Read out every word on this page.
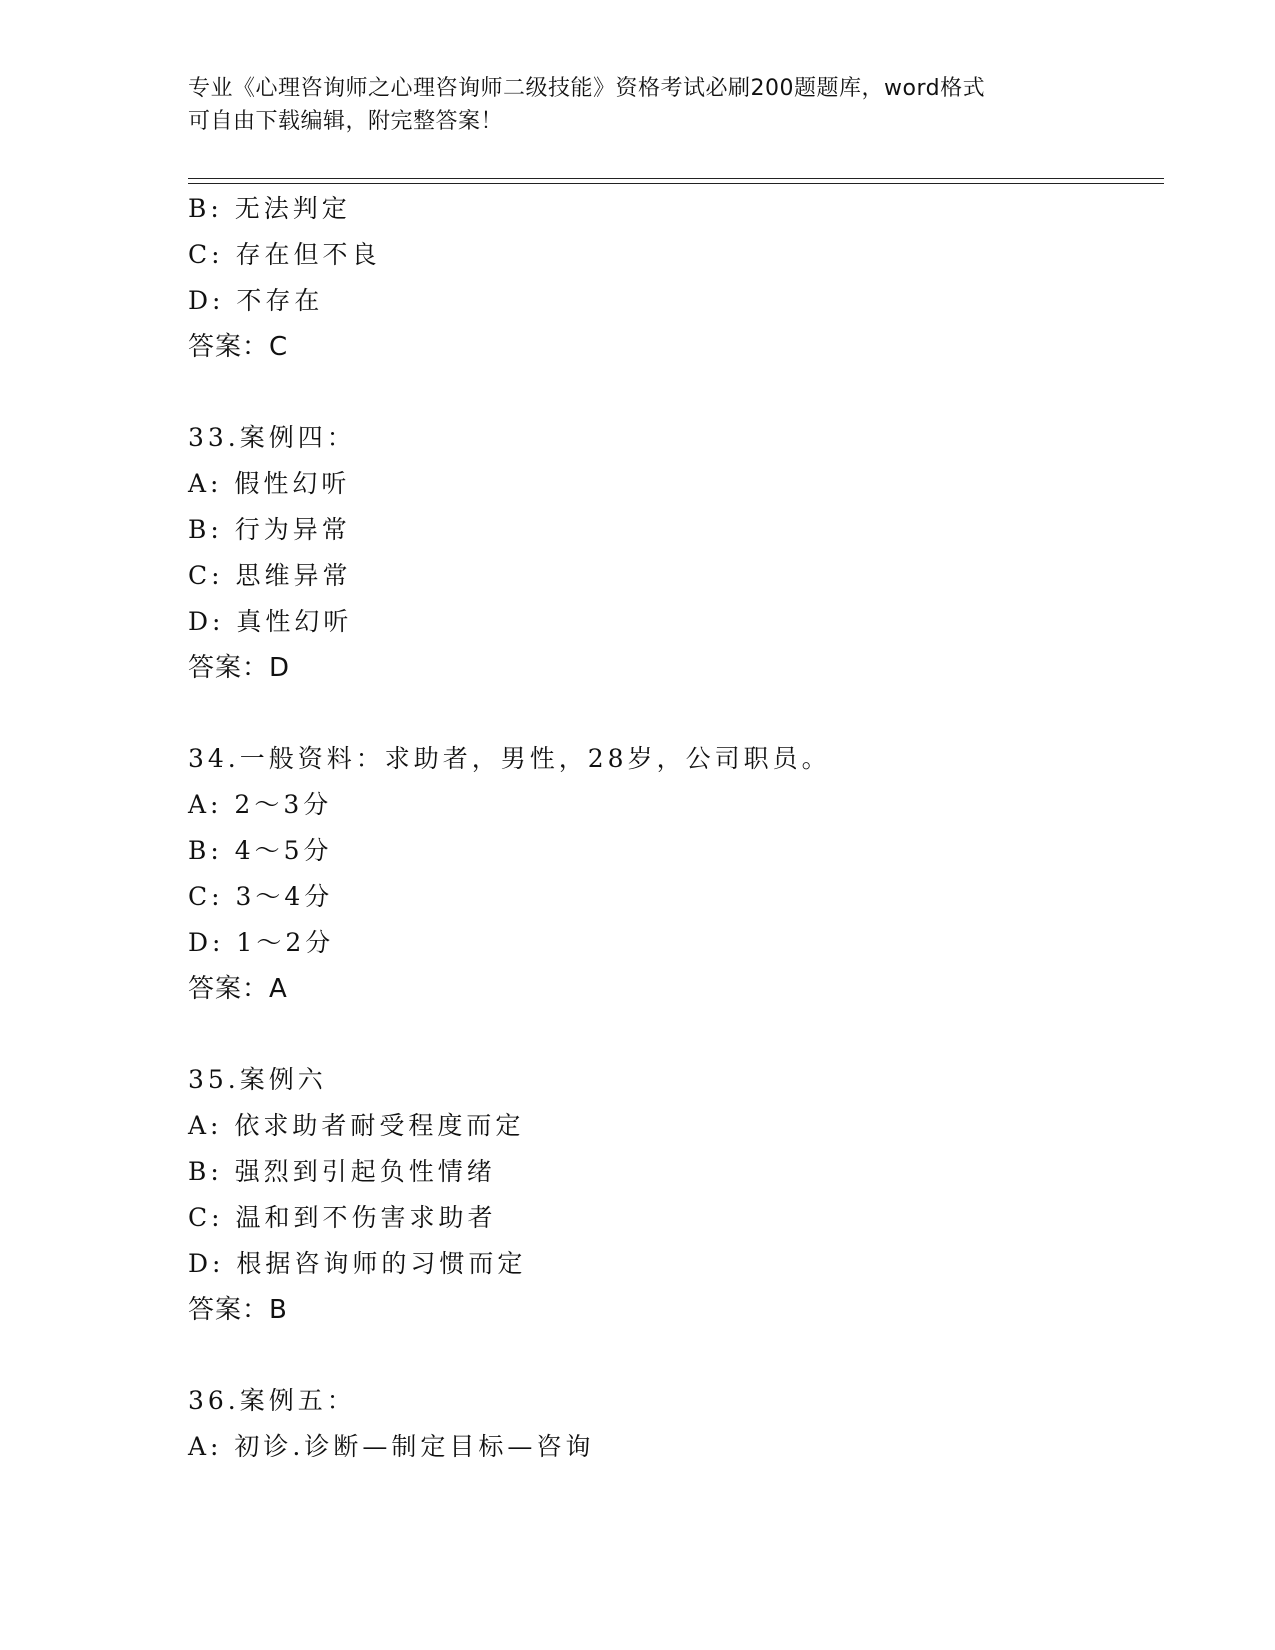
专业《心理咨询师之心理咨询师二级技能》资格考试必刷200题题库，word格式
可自由下载编辑，附完整答案！
B: 无法判定
C: 存在但不良
D: 不存在
答案：C
33.案例四：
A: 假性幻听
B: 行为异常
C: 思维异常
D: 真性幻听
答案：D
34.一般资料：求助者，男性，28岁，公司职员。
A: 2～3分
B: 4～5分
C: 3～4分
D: 1～2分
答案：A
35.案例六
A: 依求助者耐受程度而定
B: 强烈到引起负性情绪
C: 温和到不伤害求助者
D: 根据咨询师的习惯而定
答案：B
36.案例五：
A: 初诊.诊断—制定目标—咨询
